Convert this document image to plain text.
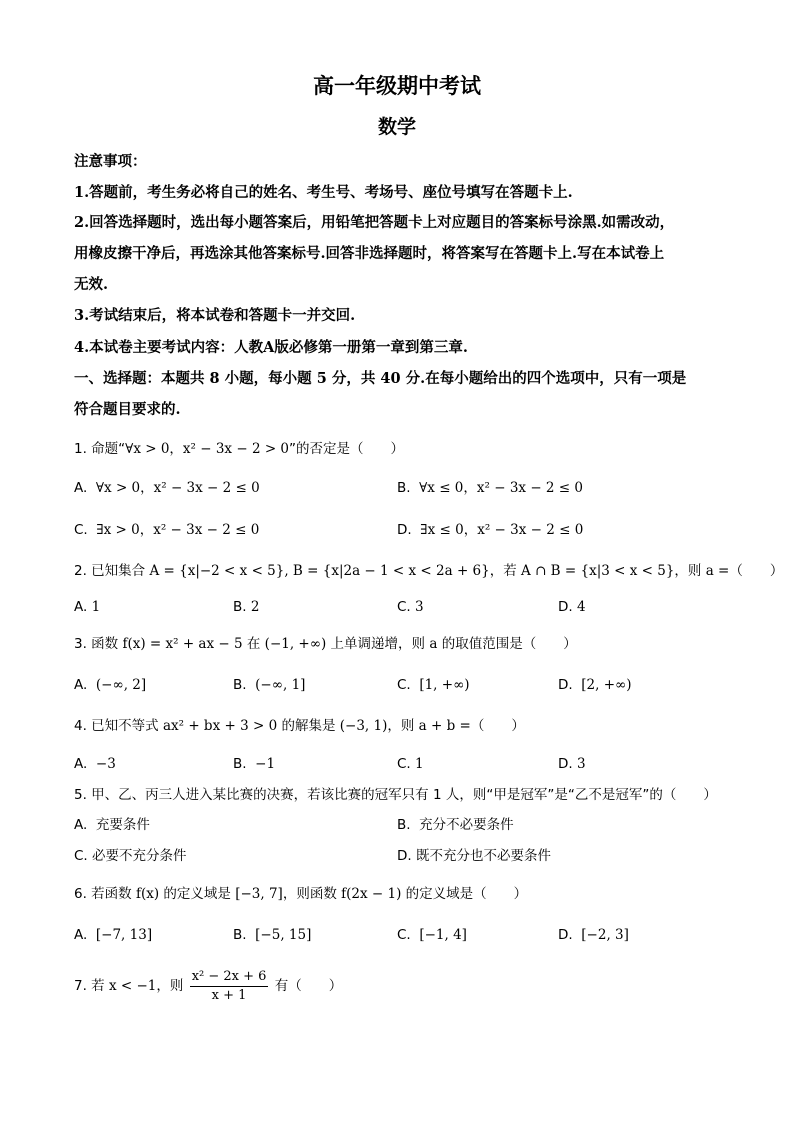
高一年级期中考试
数学
注意事项：
1.答题前，考生务必将自己的姓名、考生号、考场号、座位号填写在答题卡上.
2.回答选择题时，选出每小题答案后，用铅笔把答题卡上对应题目的答案标号涂黑.如需改动，
用橡皮擦干净后，再选涂其他答案标号.回答非选择题时，将答案写在答题卡上.写在本试卷上
无效.
3.考试结束后，将本试卷和答题卡一并交回.
4.本试卷主要考试内容：人教A版必修第一册第一章到第三章.
一、选择题：本题共 8 小题，每小题 5 分，共 40 分.在每小题给出的四个选项中，只有一项是
符合题目要求的.
1. 命题“∀x > 0，x² − 3x − 2 > 0”的否定是（　　）
A. ∀x > 0，x² − 3x − 2 ≤ 0	B. ∀x ≤ 0，x² − 3x − 2 ≤ 0
C. ∃x > 0，x² − 3x − 2 ≤ 0	D. ∃x ≤ 0，x² − 3x − 2 ≤ 0
2. 已知集合 A = {x|−2 < x < 5}, B = {x|2a − 1 < x < 2a + 6}，若 A ∩ B = {x|3 < x < 5}，则 a =（　　）
A. 1	B. 2	C. 3	D. 4
3. 函数 f(x) = x² + ax − 5 在 (−1, +∞) 上单调递增，则 a 的取值范围是（　　）
A. (−∞, 2]	B. (−∞, 1]	C. [1, +∞)	D. [2, +∞)
4. 已知不等式 ax² + bx + 3 > 0 的解集是 (−3, 1)，则 a + b =（　　）
A. −3	B. −1	C. 1	D. 3
5. 甲、乙、丙三人进入某比赛的决赛，若该比赛的冠军只有 1 人，则“甲是冠军”是“乙不是冠军”的（　　）
A. 充要条件	B. 充分不必要条件
C. 必要不充分条件	D. 既不充分也不必要条件
6. 若函数 f(x) 的定义域是 [−3, 7]，则函数 f(2x − 1) 的定义域是（　　）
A. [−7, 13]	B. [−5, 15]	C. [−1, 4]	D. [−2, 3]
7. 若 x < −1，则 $\frac{\text{x² − 2x + 6}}{x + 1}$ 有（　　）
